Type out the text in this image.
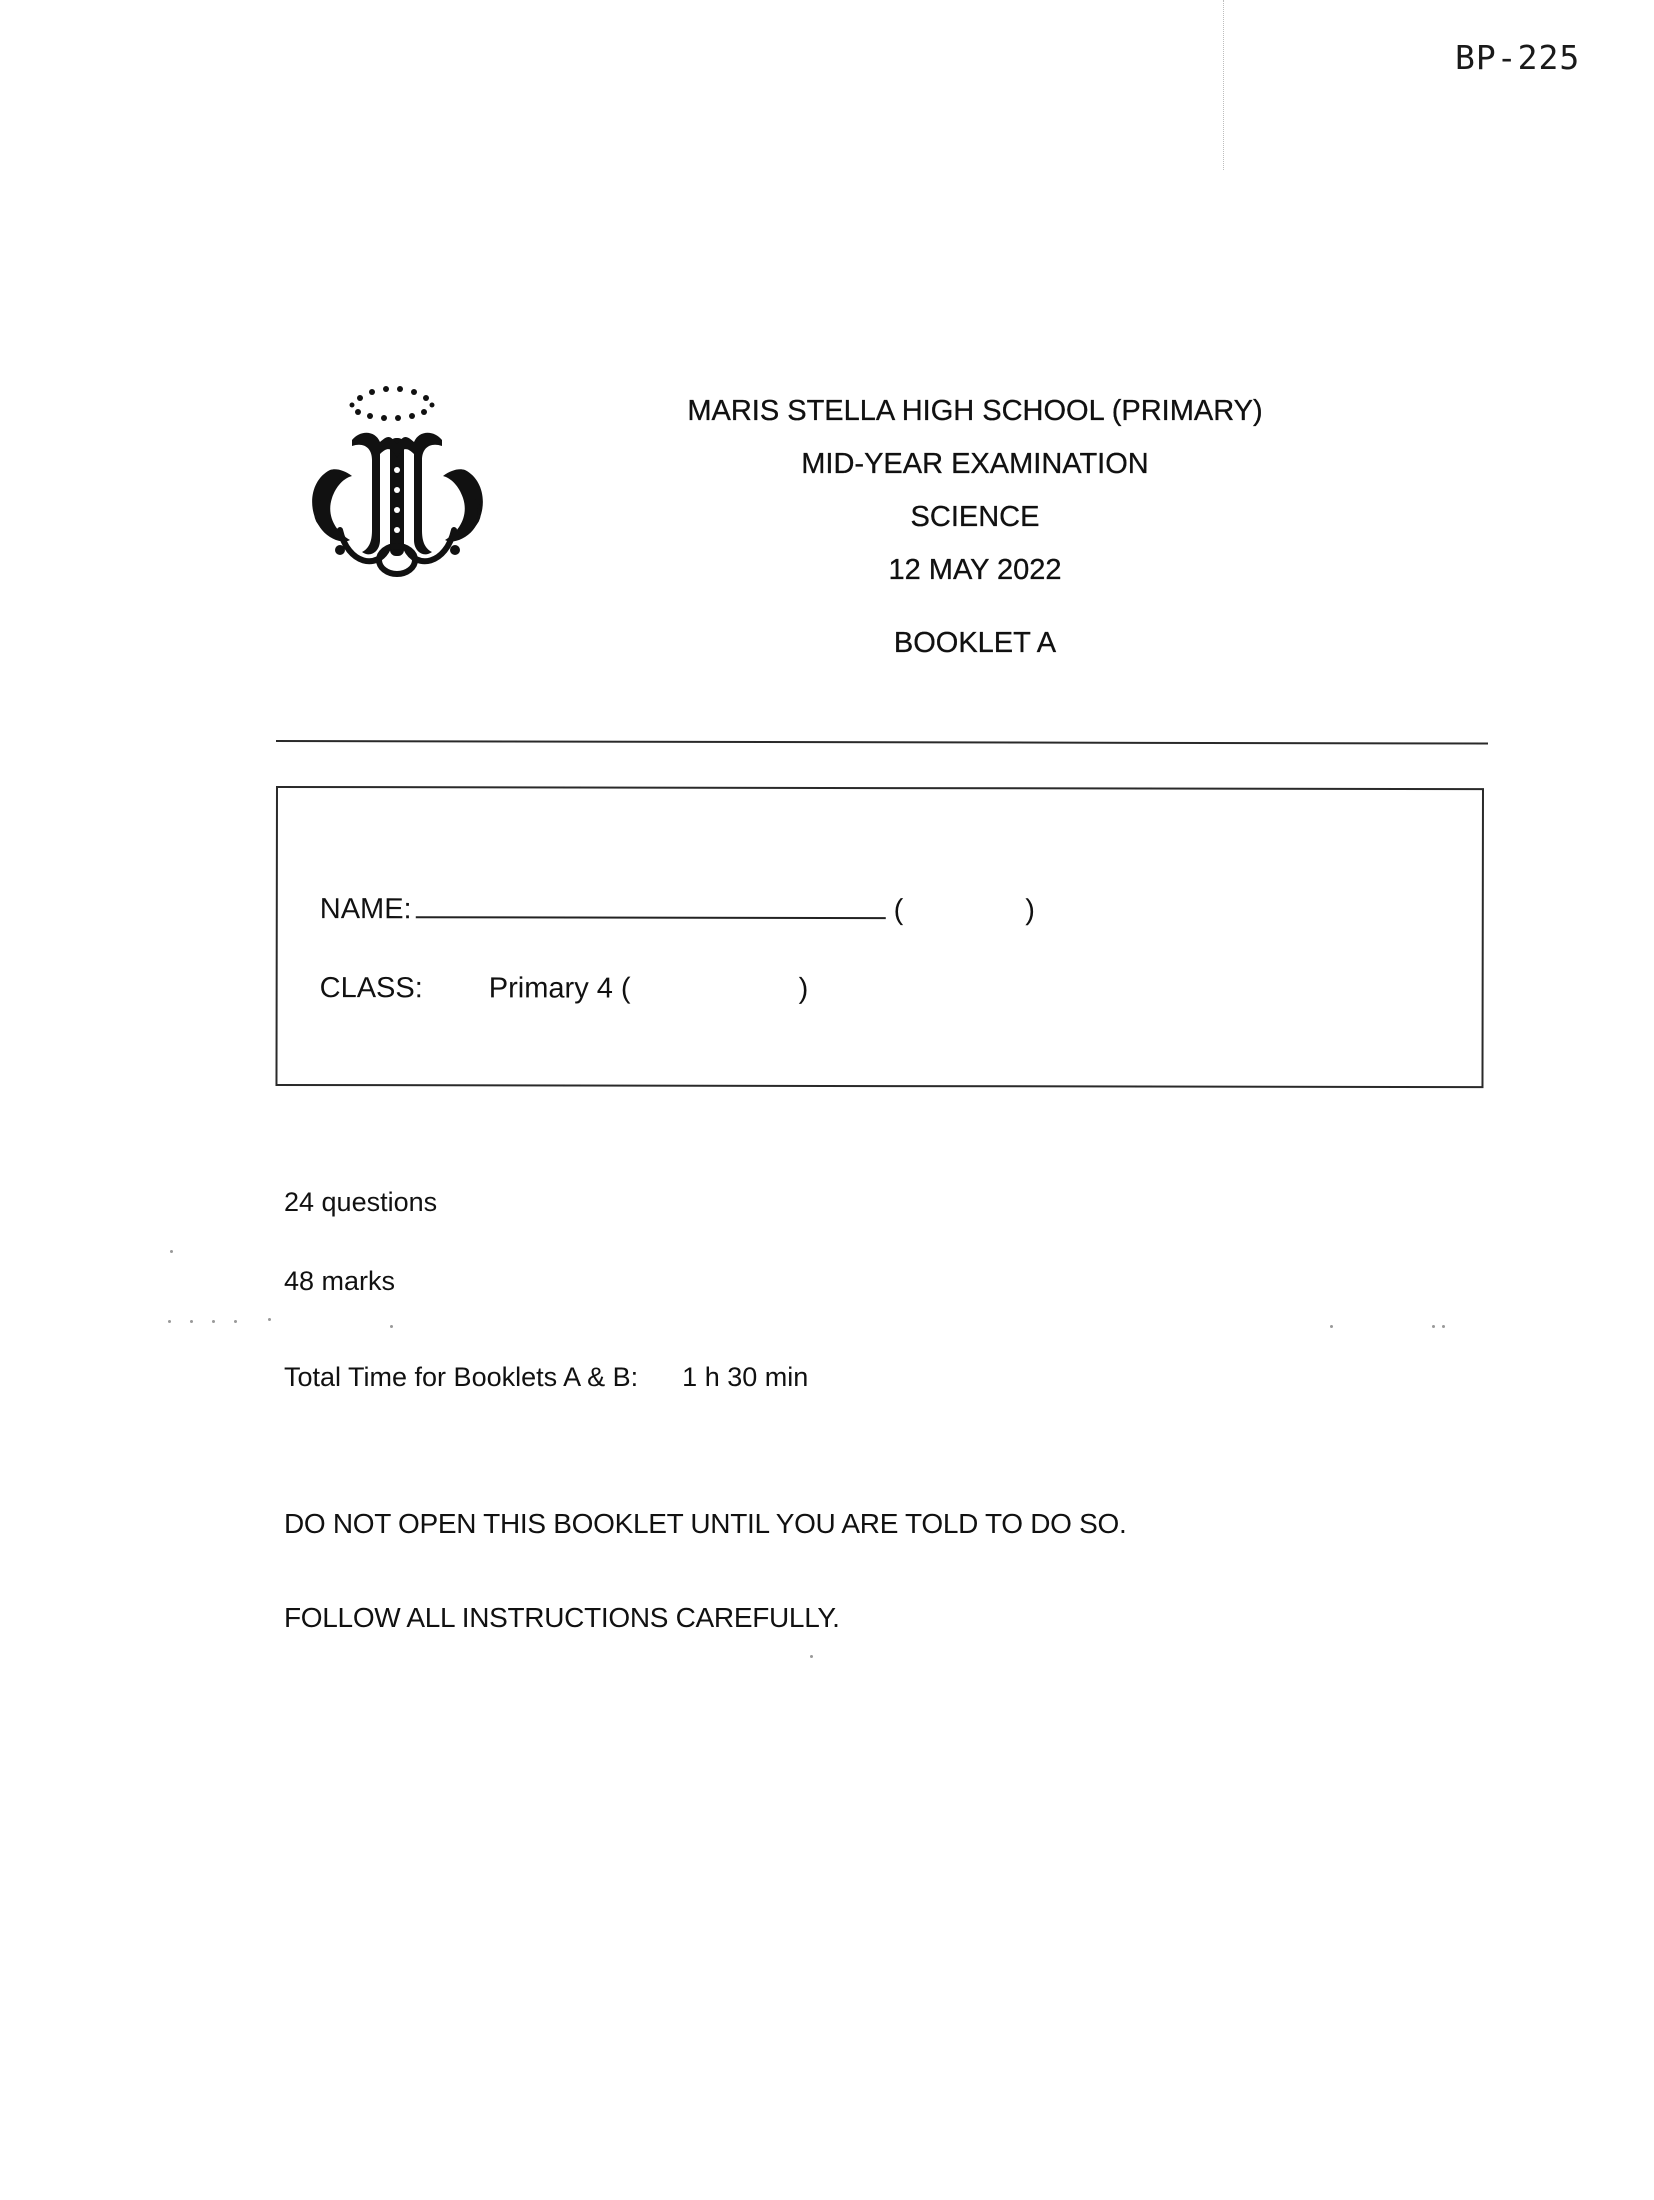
BP-225
MARIS STELLA HIGH SCHOOL (PRIMARY)
MID-YEAR EXAMINATION
SCIENCE
12 MAY 2022
BOOKLET A
NAME:	(	)
CLASS: Primary 4 (	)
24 questions
48 marks
Total Time for Booklets A & B: 1 h 30 min
DO NOT OPEN THIS BOOKLET UNTIL YOU ARE TOLD TO DO SO.
FOLLOW ALL INSTRUCTIONS CAREFULLY.
